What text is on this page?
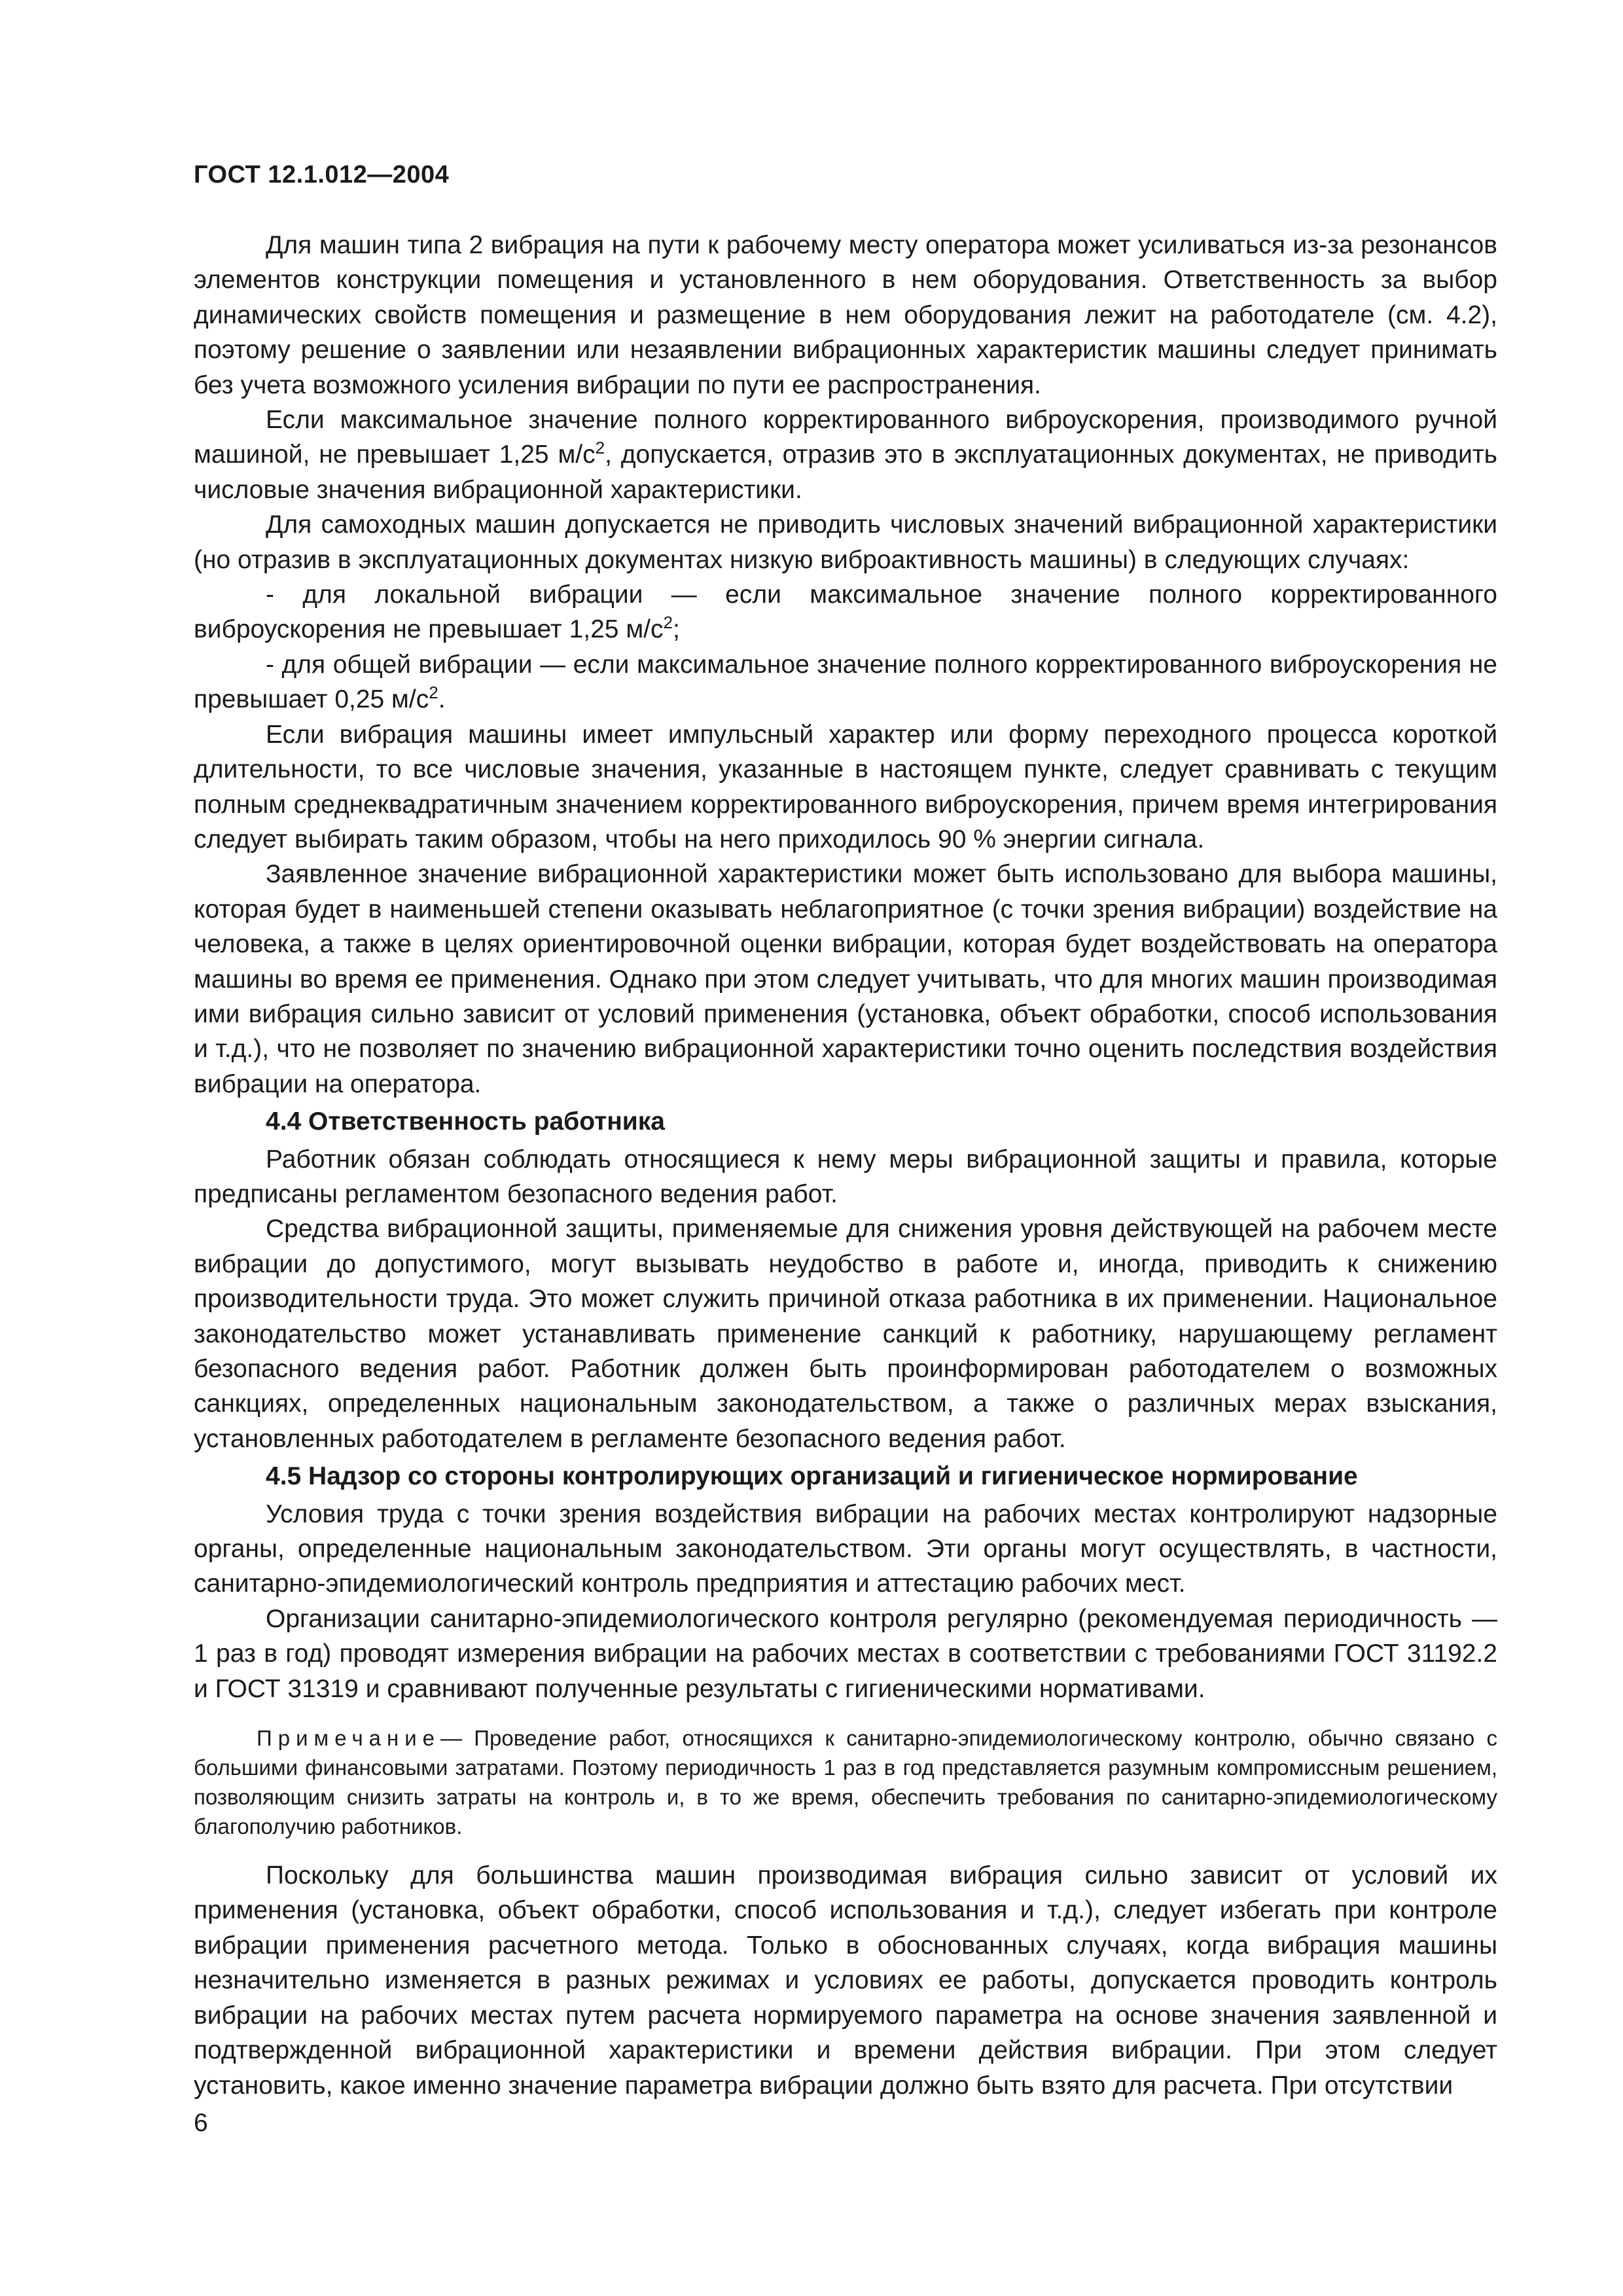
ГОСТ 12.1.012—2004

Для машин типа 2 вибрация на пути к рабочему месту оператора может усиливаться из-за резонансов элементов конструкции помещения и установленного в нем оборудования. Ответственность за выбор динамических свойств помещения и размещение в нем оборудования лежит на работодателе (см. 4.2), поэтому решение о заявлении или незаявлении вибрационных характеристик машины следует принимать без учета возможного усиления вибрации по пути ее распространения.

Если максимальное значение полного корректированного виброускорения, производимого ручной машиной, не превышает 1,25 $м/с^2$, допускается, отразив это в эксплуатационных документах, не приводить числовые значения вибрационной характеристики.

Для самоходных машин допускается не приводить числовых значений вибрационной характеристики (но отразив в эксплуатационных документах низкую виброактивность машины) в следующих случаях:

- для локальной вибрации — если максимальное значение полного корректированного виброускорения не превышает 1,25 $м/с^2$;

- для общей вибрации — если максимальное значение полного корректированного виброускорения не превышает 0,25 $м/с^2$.

Если вибрация машины имеет импульсный характер или форму переходного процесса короткой длительности, то все числовые значения, указанные в настоящем пункте, следует сравнивать с текущим полным среднеквадратичным значением корректированного виброускорения, причем время интегрирования следует выбирать таким образом, чтобы на него приходилось 90 % энергии сигнала.

Заявленное значение вибрационной характеристики может быть использовано для выбора машины, которая будет в наименьшей степени оказывать неблагоприятное (с точки зрения вибрации) воздействие на человека, а также в целях ориентировочной оценки вибрации, которая будет воздействовать на оператора машины во время ее применения. Однако при этом следует учитывать, что для многих машин производимая ими вибрация сильно зависит от условий применения (установка, объект обработки, способ использования и т.д.), что не позволяет по значению вибрационной характеристики точно оценить последствия воздействия вибрации на оператора.

4.4 Ответственность работника

Работник обязан соблюдать относящиеся к нему меры вибрационной защиты и правила, которые предписаны регламентом безопасного ведения работ.

Средства вибрационной защиты, применяемые для снижения уровня действующей на рабочем месте вибрации до допустимого, могут вызывать неудобство в работе и, иногда, приводить к снижению производительности труда. Это может служить причиной отказа работника в их применении. Национальное законодательство может устанавливать применение санкций к работнику, нарушающему регламент безопасного ведения работ. Работник должен быть проинформирован работодателем о возможных санкциях, определенных национальным законодательством, а также о различных мерах взыскания, установленных работодателем в регламенте безопасного ведения работ.

4.5 Надзор со стороны контролирующих организаций и гигиеническое нормирование

Условия труда с точки зрения воздействия вибрации на рабочих местах контролируют надзорные органы, определенные национальным законодательством. Эти органы могут осуществлять, в частности, санитарно-эпидемиологический контроль предприятия и аттестацию рабочих мест.

Организации санитарно-эпидемиологического контроля регулярно (рекомендуемая периодичность — 1 раз в год) проводят измерения вибрации на рабочих местах в соответствии с требованиями ГОСТ 31192.2 и ГОСТ 31319 и сравнивают полученные результаты с гигиеническими нормативами.

Примечание— Проведение работ, относящихся к санитарно-эпидемиологическому контролю, обычно связано с большими финансовыми затратами. Поэтому периодичность 1 раз в год представляется разумным компромиссным решением, позволяющим снизить затраты на контроль и, в то же время, обеспечить требования по санитарно-эпидемиологическому благополучию работников.

Поскольку для большинства машин производимая вибрация сильно зависит от условий их применения (установка, объект обработки, способ использования и т.д.), следует избегать при контроле вибрации применения расчетного метода. Только в обоснованных случаях, когда вибрация машины незначительно изменяется в разных режимах и условиях ее работы, допускается проводить контроль вибрации на рабочих местах путем расчета нормируемого параметра на основе значения заявленной и подтвержденной вибрационной характеристики и времени действия вибрации. При этом следует установить, какое именно значение параметра вибрации должно быть взято для расчета. При отсутствии

6
